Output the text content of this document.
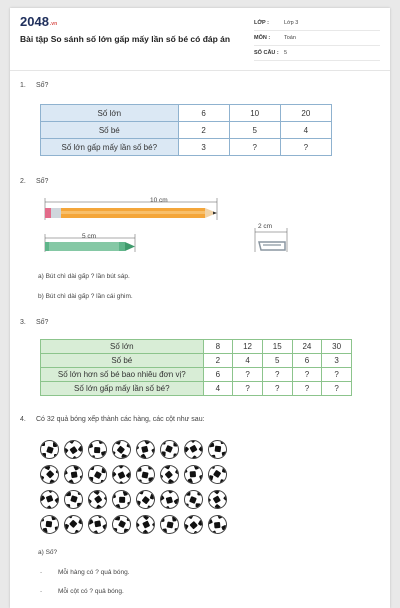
2048.vn
Bài tập So sánh số lớn gấp mấy lần số bé có đáp án
LỚP :	Lớp 3
MÔN :	Toán
SỐ CÂU : 5
1. Số?
Số lớn	6	10	20
Số bé	2	5	4
Số lớn gấp mấy lần số bé?	3	?	?
2. Số?
10 cm
5 cm
2 cm
a) Bút chì dài gấp ? lần bút sáp.
b) Bút chì dài gấp ? lần cái ghim.
3. Số?
Số lớn	8	12	15	24	30
Số bé	2	4	5	6	3
Số lớn hơn số bé bao nhiêu đơn vị?	6	?	?	?	?
Số lớn gấp mấy lần số bé?	4	?	?	?	?
4. Có 32 quả bóng xếp thành các hàng, các cột như sau:
a) Số?
- Mỗi hàng có ? quả bóng.
- Mỗi cột có ? quả bóng.
